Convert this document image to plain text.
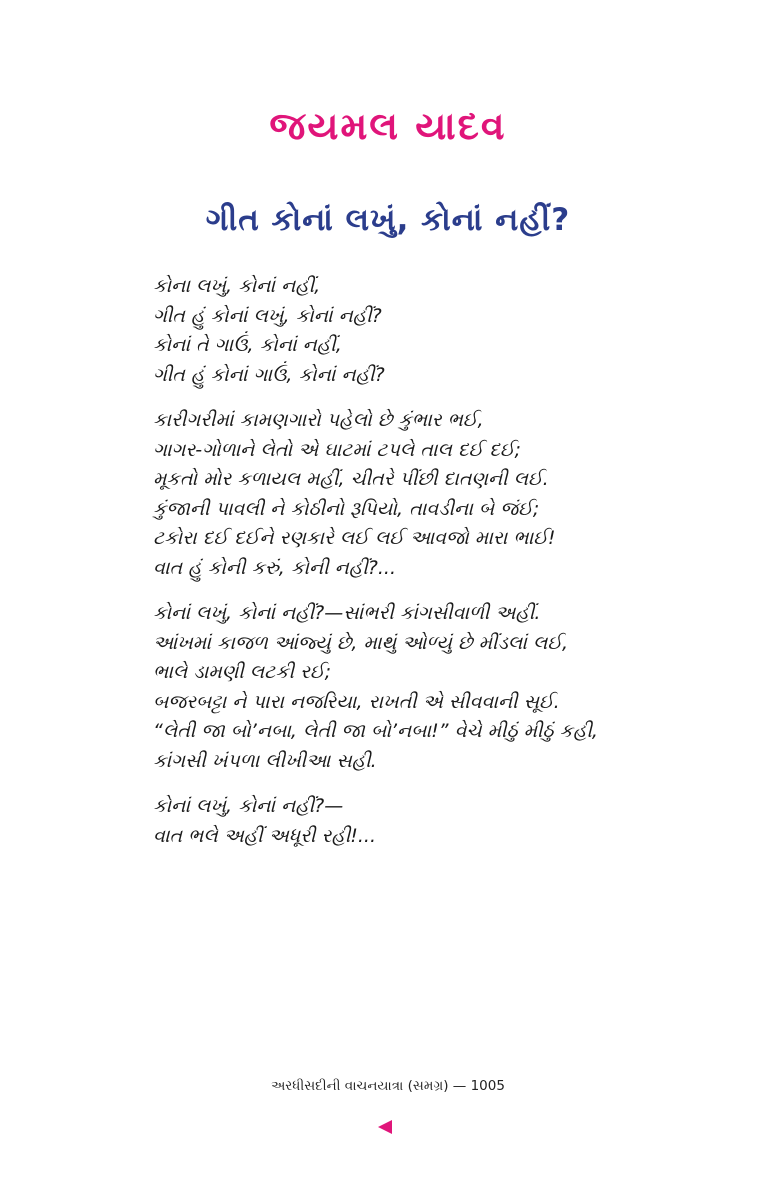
જયમલ યાદવ
ગીત કોનાં લખું, કોનાં નહીં?
કોના લખું, કોનાં નહીં,
ગીત હું કોનાં લખું, કોનાં નહીં?
કોનાં તે ગાઉં, કોનાં નહીં,
ગીત હું કોનાં ગાઉં, કોનાં નહીં?
કારીગરીમાં કામણગારો પહેલો છે કુંભાર ભઈ,
ગાગર-ગોળાને લેતો એ ઘાટમાં ટપલે તાલ દઈ દઈ;
મૂકતો મોર કળાયલ મહીં, ચીતરે પીંછી દાતણની લઈ.
કુંજાની પાવલી ને કોઠીનો રૂપિયો, તાવડીના બે જંઈ;
ટકોરા દઈ દઈને રણકારે લઈ લઈ આવજો મારા ભાઈ!
વાત હું કોની કરું, કોની નહીં?...
કોનાં લખું, કોનાં નહીં?—સાંભરી કાંગસીવાળી અહીં.
આંખમાં કાજળ આંજ્યું છે, માથું ઓળ્યું છે મીંડલાં લઈ,
ભાલે ડામણી લટકી રઈ;
બજરબટ્ટા ને પારા નજરિયા, રાખતી એ સીવવાની સૂઈ.
“લેતી જા બો’નબા, લેતી જા બો’નબા!” વેચે મીઠું મીઠું કહી,
કાંગસી ખંપળા લીખીઆ સહી.
કોનાં લખું, કોનાં નહીં?—
વાત ભલે અહીં અધૂરી રહી!...
અરધીસદીની વાચનયાત્રા (સમગ્ર) — 1005
